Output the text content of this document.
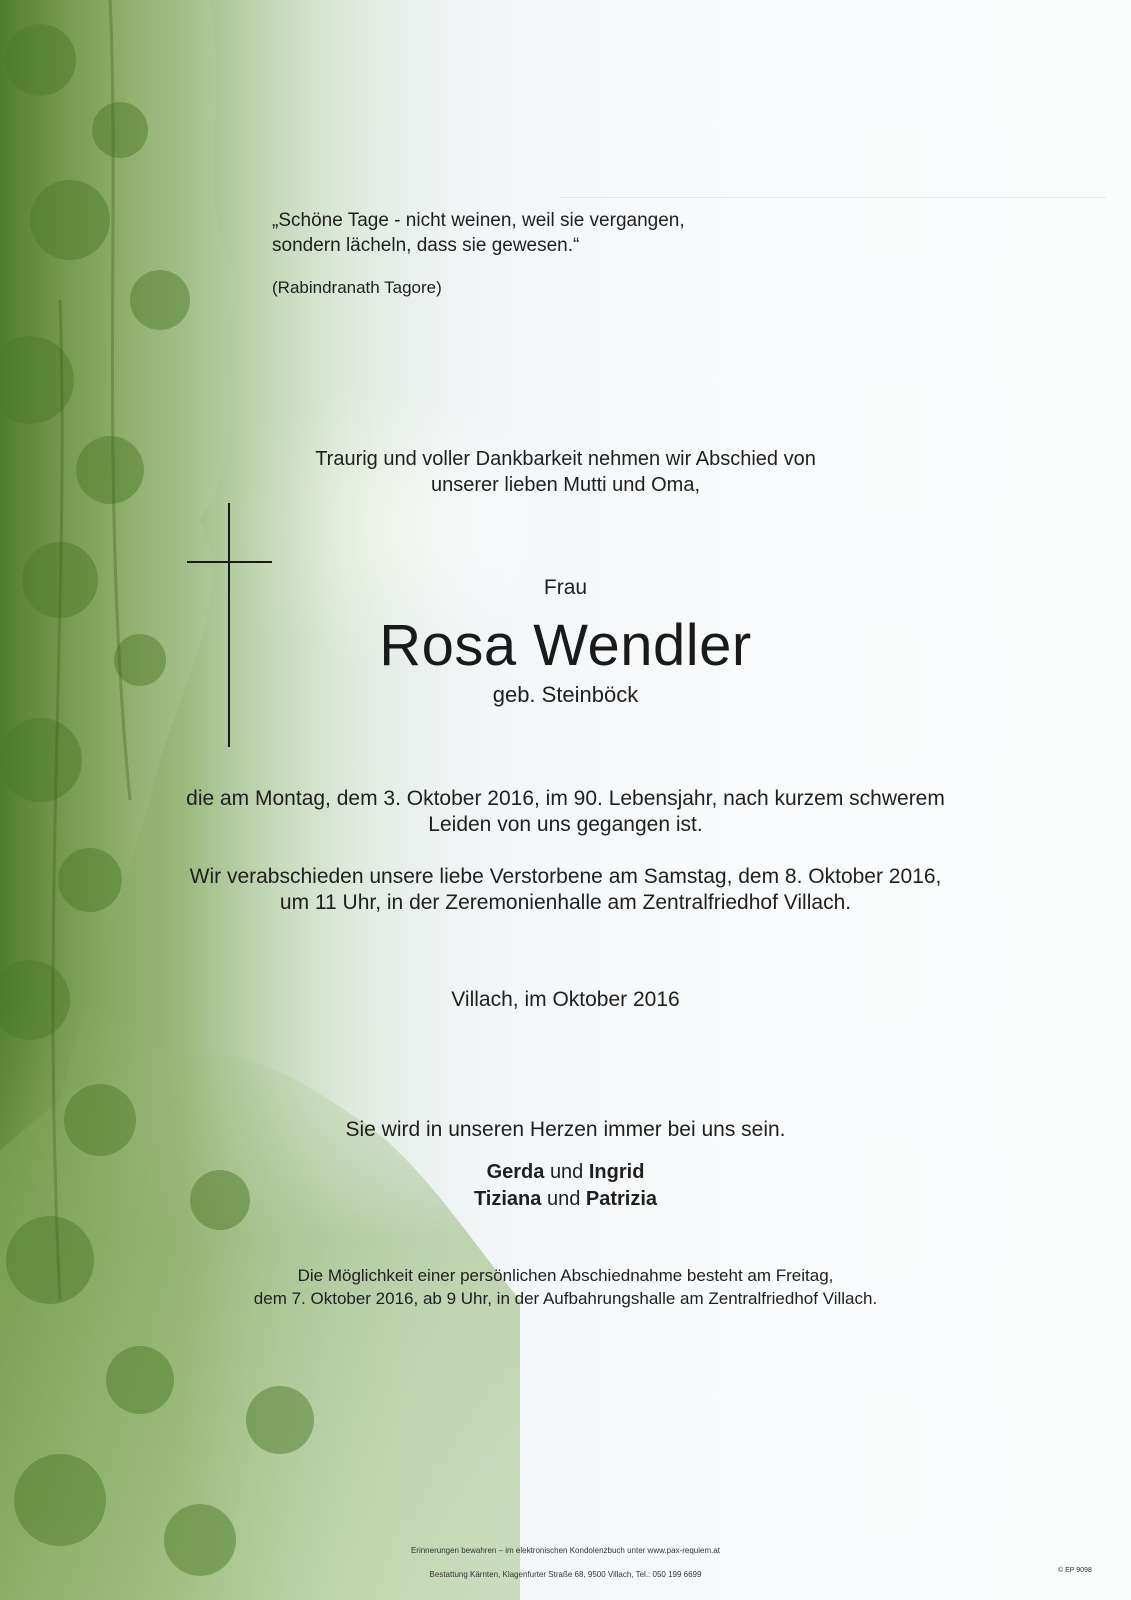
„Schöne Tage - nicht weinen, weil sie vergangen,
sondern lächeln, dass sie gewesen.“
(Rabindranath Tagore)
Traurig und voller Dankbarkeit nehmen wir Abschied von
unserer lieben Mutti und Oma,
Frau
Rosa Wendler
geb. Steinböck
die am Montag, dem 3. Oktober 2016, im 90. Lebensjahr, nach kurzem schwerem
Leiden von uns gegangen ist.
Wir verabschieden unsere liebe Verstorbene am Samstag, dem 8. Oktober 2016,
um 11 Uhr, in der Zeremonienhalle am Zentralfriedhof Villach.
Villach, im Oktober 2016
Sie wird in unseren Herzen immer bei uns sein.
Gerda und Ingrid
Tiziana und Patrizia
Die Möglichkeit einer persönlichen Abschiednahme besteht am Freitag,
dem 7. Oktober 2016, ab 9 Uhr, in der Aufbahrungshalle am Zentralfriedhof Villach.
Erinnerungen bewahren – im elektronischen Kondolenzbuch unter www.pax-requiem.at
Bestattung Kärnten, Klagenfurter Straße 68, 9500 Villach, Tel.: 050 199 6699	© EP 9098
